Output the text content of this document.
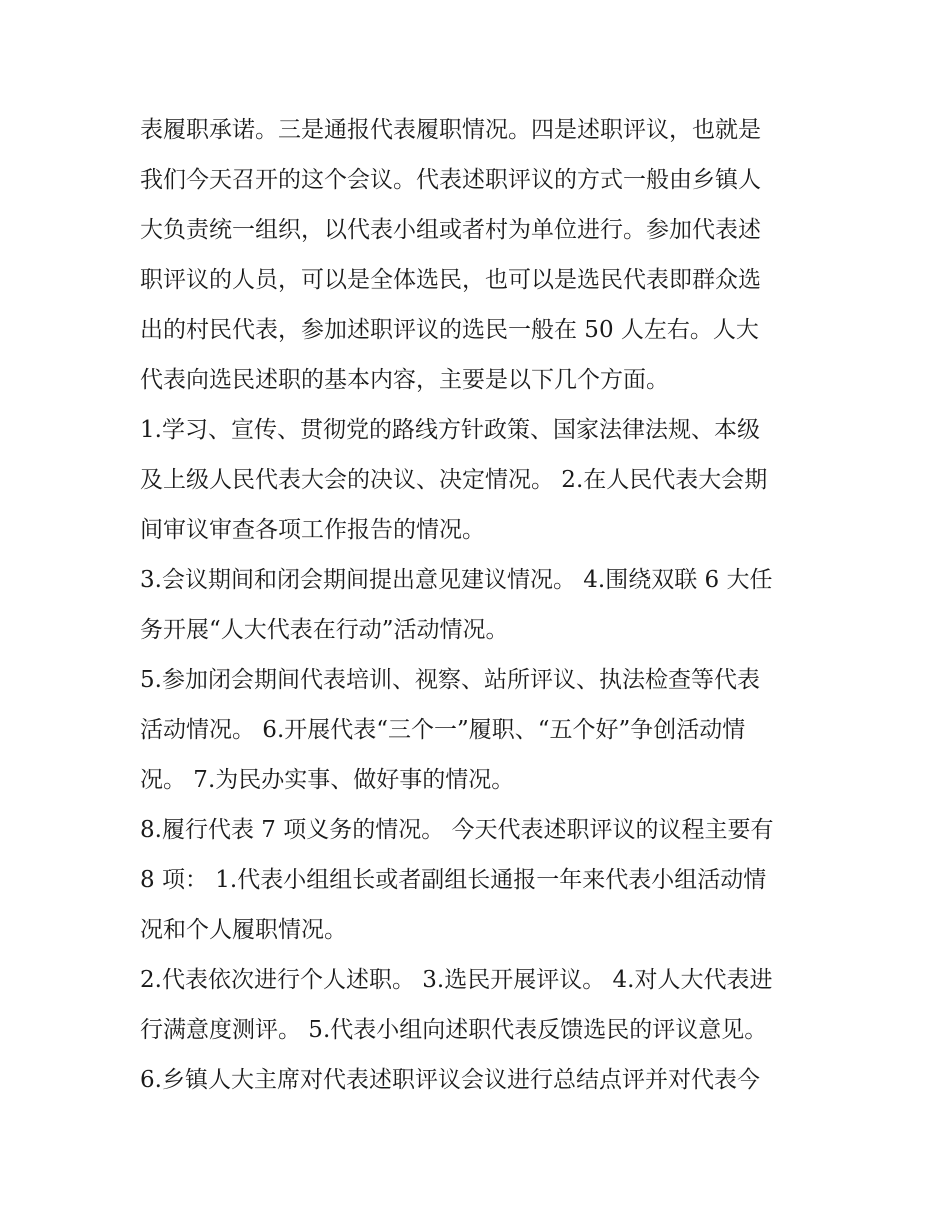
表履职承诺。三是通报代表履职情况。四是述职评议，也就是
我们今天召开的这个会议。代表述职评议的方式一般由乡镇人
大负责统一组织，以代表小组或者村为单位进行。参加代表述
职评议的人员，可以是全体选民，也可以是选民代表即群众选
出的村民代表，参加述职评议的选民一般在 50 人左右。人大
代表向选民述职的基本内容，主要是以下几个方面。
1.学习、宣传、贯彻党的路线方针政策、国家法律法规、本级
及上级人民代表大会的决议、决定情况。 2.在人民代表大会期
间审议审查各项工作报告的情况。
3.会议期间和闭会期间提出意见建议情况。 4.围绕双联 6 大任
务开展“人大代表在行动”活动情况。
5.参加闭会期间代表培训、视察、站所评议、执法检查等代表
活动情况。 6.开展代表“三个一”履职、“五个好”争创活动情
况。 7.为民办实事、做好事的情况。
8.履行代表 7 项义务的情况。 今天代表述职评议的议程主要有
8 项： 1.代表小组组长或者副组长通报一年来代表小组活动情
况和个人履职情况。
2.代表依次进行个人述职。 3.选民开展评议。 4.对人大代表进
行满意度测评。 5.代表小组向述职代表反馈选民的评议意见。
6.乡镇人大主席对代表述职评议会议进行总结点评并对代表今
